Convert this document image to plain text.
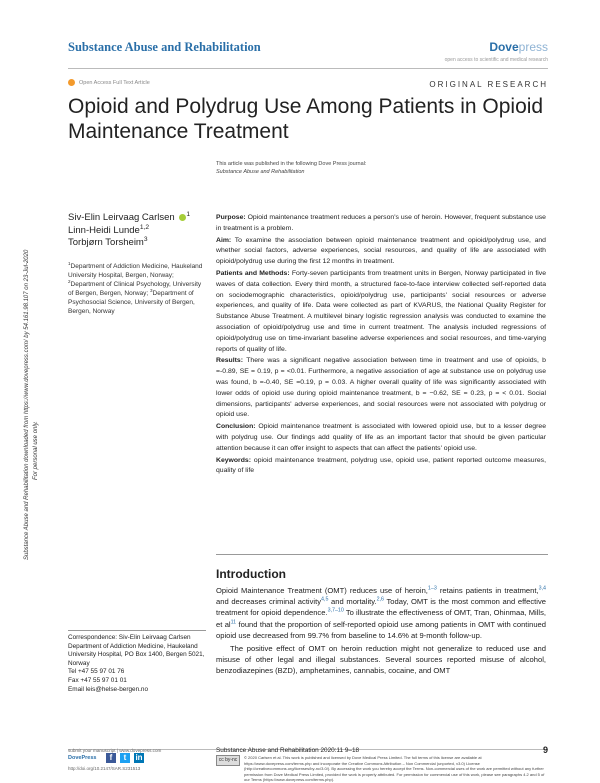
Substance Abuse and Rehabilitation	Dovepress
open access to scientific and medical research
Open Access Full Text Article	ORIGINAL RESEARCH
Opioid and Polydrug Use Among Patients in Opioid Maintenance Treatment
This article was published in the following Dove Press journal:
Substance Abuse and Rehabilitation
Substance Abuse and Rehabilitation downloaded from https://www.dovepress.com/ by 54.161.98.107 on 23-Jul-2020 For personal use only.
Siv-Elin Leirvaag Carlsen $^1$
Linn-Heidi Lunde$^{1,2}$
Torbjørn Torsheim$^3$
$^1$Department of Addiction Medicine, Haukeland University Hospital, Bergen, Norway; $^2$Department of Clinical Psychology, University of Bergen, Bergen, Norway; $^3$Department of Psychosocial Science, University of Bergen, Bergen, Norway

Purpose: Opioid maintenance treatment reduces a person's use of heroin. However, frequent substance use in treatment is a problem.

Aim: To examine the association between opioid maintenance treatment and opioid/polydrug use, and whether social factors, adverse experiences, social resources, and quality of life are associated with opioid/polydrug use during the first 12 months in treatment.

Patients and Methods: Forty-seven participants from treatment units in Bergen, Norway participated in five waves of data collection. Every third month, a structured face-to-face interview collected self-reported data on sociodemographic characteristics, opioid/polydrug use, participants' social resources or adverse experiences, and quality of life. Data were collected as part of KVARUS, the National Quality Register for Substance Abuse Treatment. A multilevel binary logistic regression analysis was conducted to examine the association of opioid/polydrug use and time in current treatment. The analysis included regressions of opioid/polydrug use on time-invariant baseline adverse experiences and social resources, and time-varying reports of quality of life.

Results: There was a significant negative association between time in treatment and use of opioids, b =-0.89, SE = 0.19, p = <0.01. Furthermore, a negative association of age at substance use on polydrug use was found, b =-0.40, SE =0.19, p = 0.03. A higher overall quality of life was significantly associated with lower odds of opioid use during opioid maintenance treatment, b = −0.62, SE = 0.23, p = < 0.01. Social dimensions, participants' adverse experiences, and social resources were not associated with polydrug or opioid use.

Conclusion: Opioid maintenance treatment is associated with lowered opioid use, but to a lesser degree with polydrug use. Our findings add quality of life as an important factor that should be given particular attention because it can offer insight to aspects that can affect the patients' opioid use.

Keywords: opioid maintenance treatment, polydrug use, opioid use, patient reported outcome measures, quality of life

Introduction

Opioid Maintenance Treatment (OMT) reduces use of heroin,$^{1-3}$ retains patients in treatment,$^{3,4}$ and decreases criminal activity$^{4,5}$ and mortality.$^{2,6}$ Today, OMT is the most common and effective treatment for opioid dependence.$^{3,7-10}$ To illustrate the effectiveness of OMT, Tran, Ohinmaa, Mills, et $al^{11}$ found that the proportion of self-reported opioid use among patients in OMT with continued opioid use decreased from 99.7% from baseline to 14.6% at 9-month follow-up.

The positive effect of OMT on heroin reduction might not generalize to reduced use and misuse of other legal and illegal substances. Several sources reported misuse of alcohol, benzodiazepines (BZD), amphetamines, cannabis, cocaine, and OMT

Correspondence: Siv-Elin Leirvaag Carlsen
Department of Addiction Medicine, Haukeland University Hospital, PO Box 1400, Bergen 5021, Norway
Tel +47 55 97 01 76
Fax +47 55 97 01 01
Email leis@helse-bergen.no
submit your manuscript | www.dovepress.com
DovePress	f	t	in
http://doi.org/10.2147/SAR.S231513
Substance Abuse and Rehabilitation 2020:11 9–18	9
cc by-nc	© 2020 Carlsen et al. This work is published and licensed by Dove Medical Press Limited. The full terms of this license are available at https://www.dovepress.com/terms.php and incorporate the Creative Commons Attribution – Non Commercial (unported, v3.0) License (http://creativecommons.org/licenses/by-nc/3.0/). By accessing the work you hereby accept the Terms. Non-commercial uses of the work are permitted without any further permission from Dove Medical Press Limited, provided the work is properly attributed. For permission for commercial use of this work, please see paragraphs 4.2 and 5 of our Terms (https://www.dovepress.com/terms.php).
